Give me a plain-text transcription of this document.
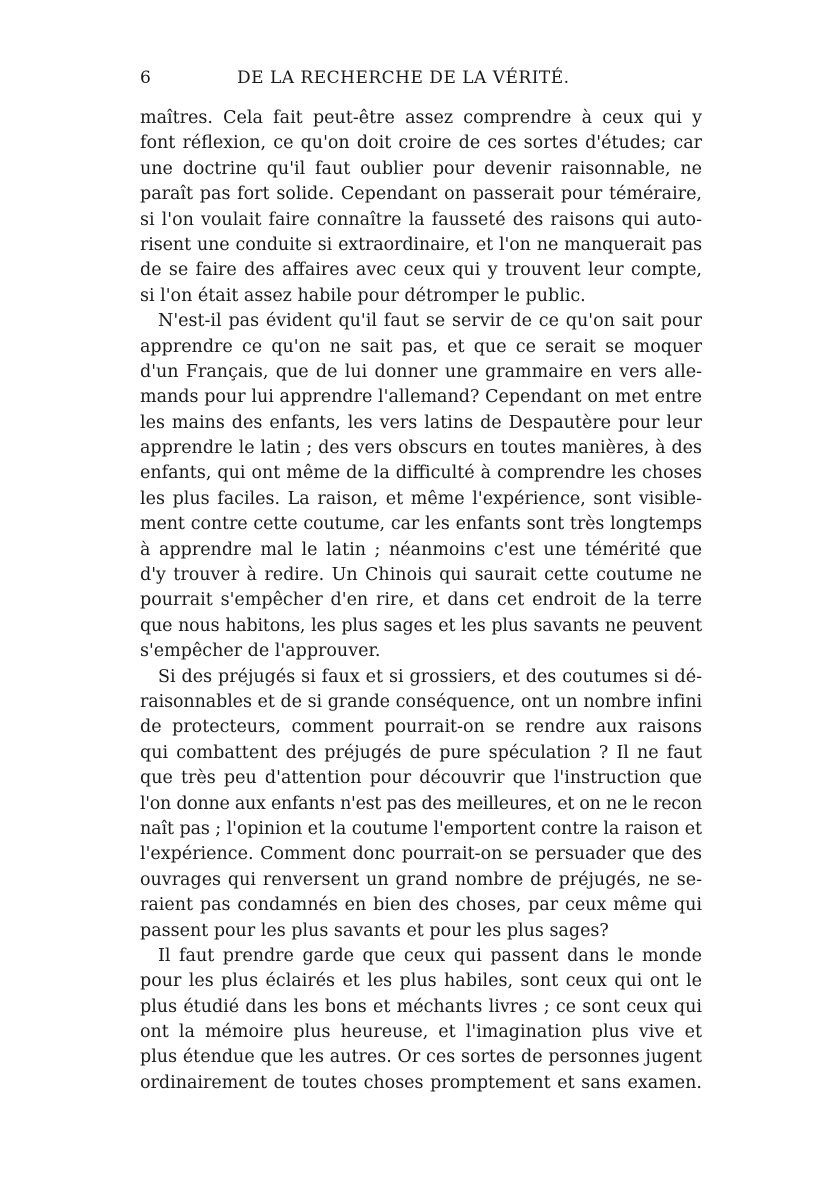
6	DE LA RECHERCHE DE LA VÉRITÉ.
maîtres. Cela fait peut-être assez comprendre à ceux qui y
font réflexion, ce qu'on doit croire de ces sortes d'études; car
une doctrine qu'il faut oublier pour devenir raisonnable, ne
paraît pas fort solide. Cependant on passerait pour téméraire,
si l'on voulait faire connaître la fausseté des raisons qui auto-
risent une conduite si extraordinaire, et l'on ne manquerait pas
de se faire des affaires avec ceux qui y trouvent leur compte,
si l'on était assez habile pour détromper le public.
N'est-il pas évident qu'il faut se servir de ce qu'on sait pour
apprendre ce qu'on ne sait pas, et que ce serait se moquer
d'un Français, que de lui donner une grammaire en vers alle-
mands pour lui apprendre l'allemand? Cependant on met entre
les mains des enfants, les vers latins de Despautère pour leur
apprendre le latin ; des vers obscurs en toutes manières, à des
enfants, qui ont même de la difficulté à comprendre les choses
les plus faciles. La raison, et même l'expérience, sont visible-
ment contre cette coutume, car les enfants sont très longtemps
à apprendre mal le latin ; néanmoins c'est une témérité que
d'y trouver à redire. Un Chinois qui saurait cette coutume ne
pourrait s'empêcher d'en rire, et dans cet endroit de la terre
que nous habitons, les plus sages et les plus savants ne peuvent
s'empêcher de l'approuver.
Si des préjugés si faux et si grossiers, et des coutumes si dé-
raisonnables et de si grande conséquence, ont un nombre infini
de protecteurs, comment pourrait-on se rendre aux raisons
qui combattent des préjugés de pure spéculation ? Il ne faut
que très peu d'attention pour découvrir que l'instruction que
l'on donne aux enfants n'est pas des meilleures, et on ne le recon
naît pas ; l'opinion et la coutume l'emportent contre la raison et
l'expérience. Comment donc pourrait-on se persuader que des
ouvrages qui renversent un grand nombre de préjugés, ne se-
raient pas condamnés en bien des choses, par ceux même qui
passent pour les plus savants et pour les plus sages?
Il faut prendre garde que ceux qui passent dans le monde
pour les plus éclairés et les plus habiles, sont ceux qui ont le
plus étudié dans les bons et méchants livres ; ce sont ceux qui
ont la mémoire plus heureuse, et l'imagination plus vive et
plus étendue que les autres. Or ces sortes de personnes jugent
ordinairement de toutes choses promptement et sans examen.
